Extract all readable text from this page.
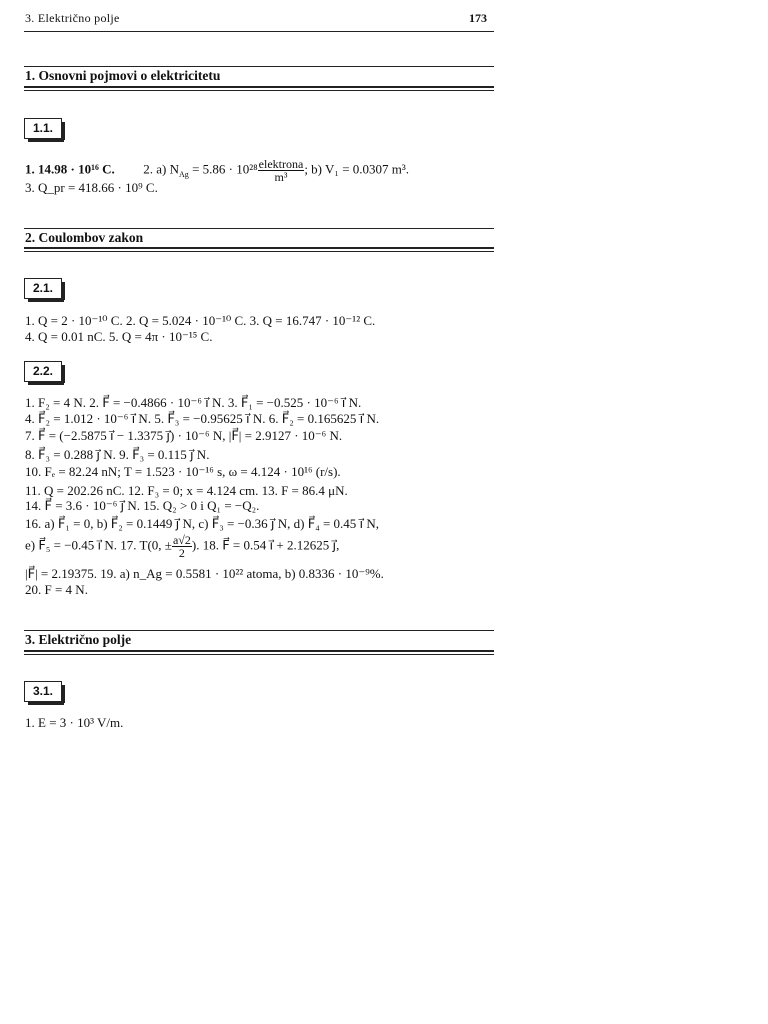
3. Električno polje	173
1. Osnovni pojmovi o elektricitetu
1.1.
1. 14.98 · 10¹⁶ C. 2. a) $N_{Ag} = 5.86 \cdot 10^{28} \frac{\text{elektrona}}{\text{m³}}$ ; b) V₁ = 0.0307 m³.
3. Q_pr = 418.66 · 10⁹ C.
2. Coulombov zakon
2.1.
1. Q = 2 · 10⁻¹⁰ C. 2. Q = 5.024 · 10⁻¹⁰ C. 3. Q = 16.747 · 10⁻¹² C.
4. Q = 0.01 nC. 5. Q = 4π · 10⁻¹⁵ C.
2.2.
1. F₂ = 4 N. 2. F⃗ = −0.4866 · 10⁻⁶ i⃗ N. 3. F⃗₁ = −0.525 · 10⁻⁶ i⃗ N.
4. F⃗₂ = 1.012 · 10⁻⁶ i⃗ N. 5. F⃗₃ = −0.95625 i⃗ N. 6. F⃗₂ = 0.165625 i⃗ N.
7. F⃗ = (−2.5875 i⃗ − 1.3375 j⃗) · 10⁻⁶ N, |F⃗| = 2.9127 · 10⁻⁶ N.
8. F⃗₃ = 0.288 j⃗ N. 9. F⃗₃ = 0.115 j⃗ N.
10. Fₑ = 82.24 nN; T = 1.523 · 10⁻¹⁶ s, ω = 4.124 · 10¹⁶ (r/s).
11. Q = 202.26 nC. 12. F₃ = 0; x = 4.124 cm. 13. F = 86.4 μN.
14. F⃗ = 3.6 · 10⁻⁶ j⃗ N. 15. Q₂ > 0 i Q₁ = −Q₂.
16. a) F⃗₁ = 0, b) F⃗₂ = 0.1449 j⃗ N, c) F⃗₃ = −0.36 j⃗ N, d) F⃗₄ = 0.45 i⃗ N,
e) F⃗₅ = −0.45 i⃗ N. 17. T(0, ± $\frac{a√2}{2}$ ). 18. F⃗ = 0.54 i⃗ + 2.12625 j⃗,
|F⃗| = 2.19375. 19. a) n_Ag = 0.5581 · 10²² atoma, b) 0.8336 · 10⁻⁹%.
20. F = 4 N.
3. Električno polje
3.1.
1. E = 3 · 10³ V/m.
